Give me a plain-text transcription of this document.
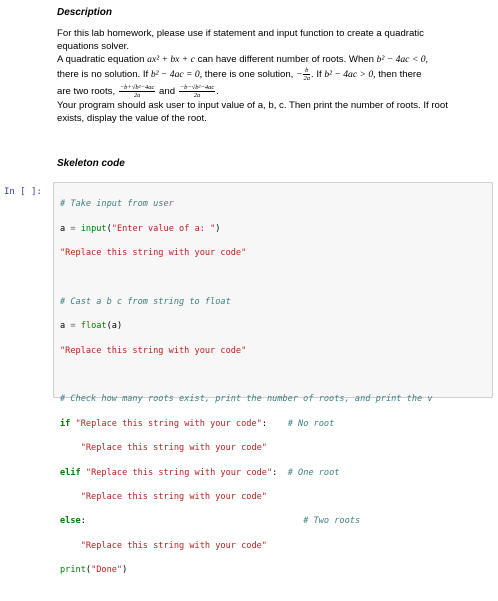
Description
For this lab homework, please use if statement and input function to create a quadratic
equations solver.
A quadratic equation ax² + bx + c can have different number of roots. When b² − 4ac < 0,
there is no solution. If b² − 4ac = 0, there is one solution, − $\frac{b}{2a}$ . If b² − 4ac > 0, then there
are two roots, $\frac{\text{−b+√b²−4ac}}{2a}$ and $\frac{\text{−b−√b²−4ac}}{2a}$ .
Your program should ask user to input value of a, b, c. Then print the number of roots. If root
exists, display the value of the root.
Skeleton code
In [ ]:

# Take input from user

a = input("Enter value of a: ")

"Replace this string with your code"

# Cast a b c from string to float

a = float(a)

"Replace this string with your code"

# Check how many roots exist, print the number of roots, and print the v

if "Replace this string with your code": # No root

"Replace this string with your code"

elif "Replace this string with your code": # One root

"Replace this string with your code"

else:	# Two roots

"Replace this string with your code"

print("Done")
